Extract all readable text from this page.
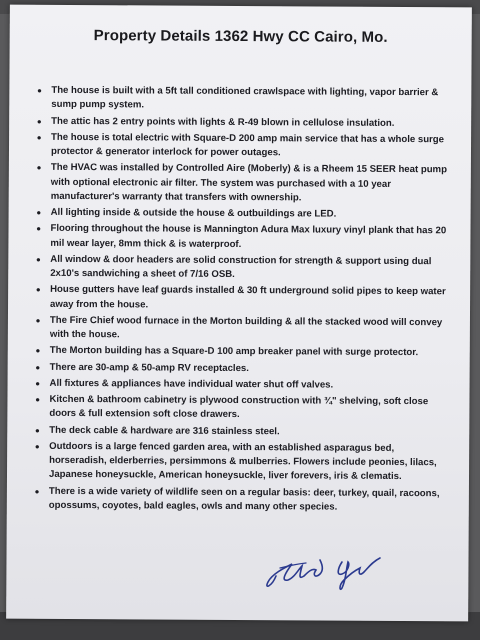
Property Details 1362 Hwy CC Cairo, Mo.
• The house is built with a 5ft tall conditioned crawlspace with lighting, vapor barrier & sump pump system.
• The attic has 2 entry points with lights & R-49 blown in cellulose insulation.
• The house is total electric with Square-D 200 amp main service that has a whole surge protector & generator interlock for power outages.
• The HVAC was installed by Controlled Aire (Moberly) & is a Rheem 15 SEER heat pump with optional electronic air filter. The system was purchased with a 10 year manufacturer's warranty that transfers with ownership.
• All lighting inside & outside the house & outbuildings are LED.
• Flooring throughout the house is Mannington Adura Max luxury vinyl plank that has 20 mil wear layer, 8mm thick & is waterproof.
• All window & door headers are solid construction for strength & support using dual 2x10's sandwiching a sheet of 7/16 OSB.
• House gutters have leaf guards installed & 30 ft underground solid pipes to keep water away from the house.
• The Fire Chief wood furnace in the Morton building & all the stacked wood will convey with the house.
• The Morton building has a Square-D 100 amp breaker panel with surge protector.
• There are 30-amp & 50-amp RV receptacles.
• All fixtures & appliances have individual water shut off valves.
• Kitchen & bathroom cabinetry is plywood construction with ¾" shelving, soft close doors & full extension soft close drawers.
• The deck cable & hardware are 316 stainless steel.
• Outdoors is a large fenced garden area, with an established asparagus bed, horseradish, elderberries, persimmons & mulberries. Flowers include peonies, lilacs, Japanese honeysuckle, American honeysuckle, liver forevers, iris & clematis.
• There is a wide variety of wildlife seen on a regular basis: deer, turkey, quail, racoons, opossums, coyotes, bald eagles, owls and many other species.
